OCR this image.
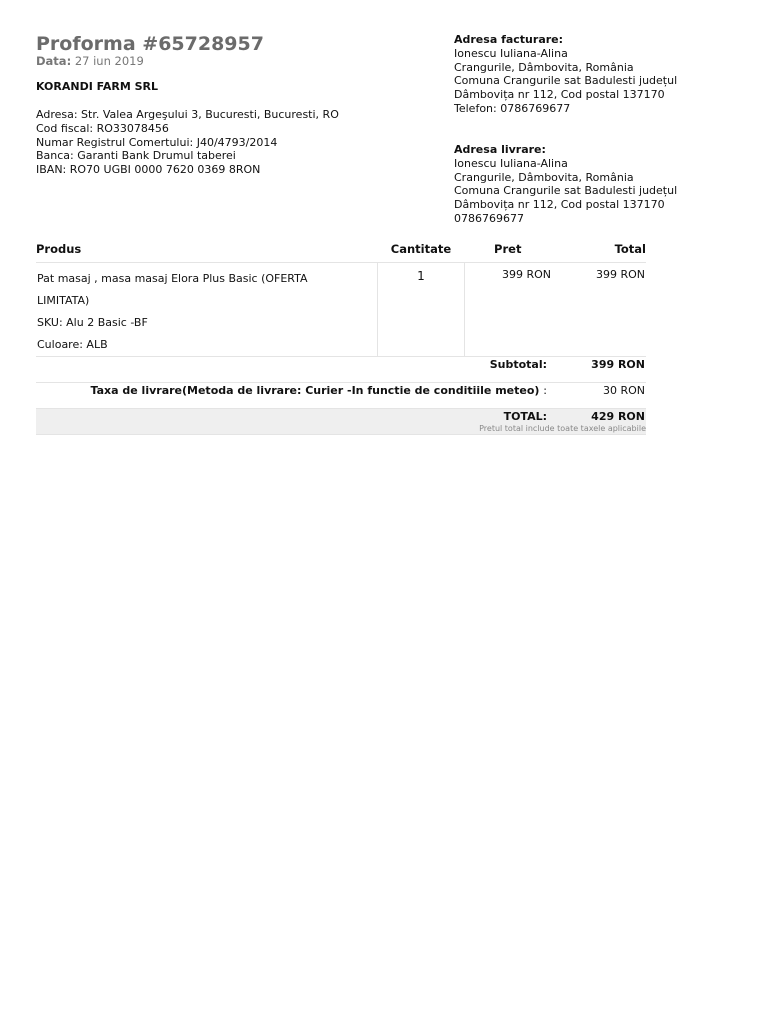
Proforma #65728957
Data: 27 iun 2019
KORANDI FARM SRL
Adresa: Str. Valea Argeşului 3, Bucuresti, Bucuresti, RO
Cod fiscal: RO33078456
Numar Registrul Comertului: J40/4793/2014
Banca: Garanti Bank Drumul taberei
IBAN: RO70 UGBI 0000 7620 0369 8RON
Adresa facturare:
Ionescu Iuliana-Alina
Crangurile, Dâmbovita, România
Comuna Crangurile sat Badulesti județul
Dâmbovița nr 112, Cod postal 137170
Telefon: 0786769677
Adresa livrare:
Ionescu Iuliana-Alina
Crangurile, Dâmbovita, România
Comuna Crangurile sat Badulesti județul
Dâmbovița nr 112, Cod postal 137170
0786769677
Produs	Cantitate	Pret	Total

Pat masaj , masa masaj Elora Plus Basic (OFERTA
LIMITATA)
SKU: Alu 2 Basic -BF
Culoare: ALB	1	399 RON	399 RON
Subtotal:			399 RON
Taxa de livrare(Metoda de livrare: Curier -In functie de conditiile meteo) :			30 RON
TOTAL:			429 RON
Pretul total include toate taxele aplicabile
